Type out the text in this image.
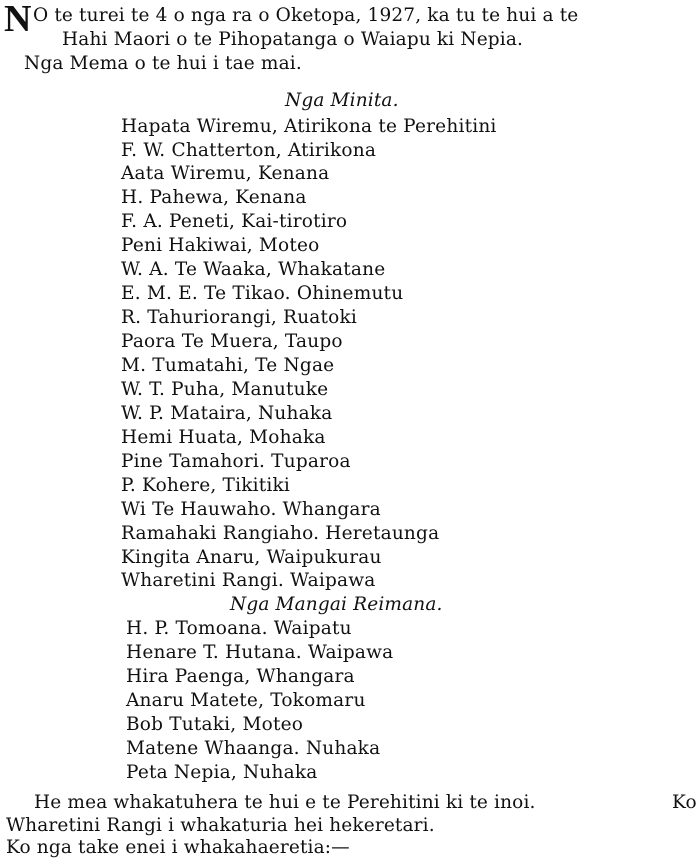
N O te turei te 4 o nga ra o Oketopa, 1927, ka tu te hui a te
Hahi Maori o te Pihopatanga o Waiapu ki Nepia.
Nga Mema o te hui i tae mai.
Nga Minita.
Hapata Wiremu, Atirikona te Perehitini
F. W. Chatterton, Atirikona
Aata Wiremu, Kenana
H. Pahewa, Kenana
F. A. Peneti, Kai-tirotiro
Peni Hakiwai, Moteo
W. A. Te Waaka, Whakatane
E. M. E. Te Tikao. Ohinemutu
R. Tahuriorangi, Ruatoki
Paora Te Muera, Taupo
M. Tumatahi, Te Ngae
W. T. Puha, Manutuke
W. P. Mataira, Nuhaka
Hemi Huata, Mohaka
Pine Tamahori. Tuparoa
P. Kohere, Tikitiki
Wi Te Hauwaho. Whangara
Ramahaki Rangiaho. Heretaunga
Kingita Anaru, Waipukurau
Wharetini Rangi. Waipawa
Nga Mangai Reimana.
H. P. Tomoana. Waipatu
Henare T. Hutana. Waipawa
Hira Paenga, Whangara
Anaru Matete, Tokomaru
Bob Tutaki, Moteo
Matene Whaanga. Nuhaka
Peta Nepia, Nuhaka
He mea whakatuhera te hui e te Perehitini ki te inoi.	Ko
Wharetini Rangi i whakaturia hei hekeretari.
Ko nga take enei i whakahaeretia:—
